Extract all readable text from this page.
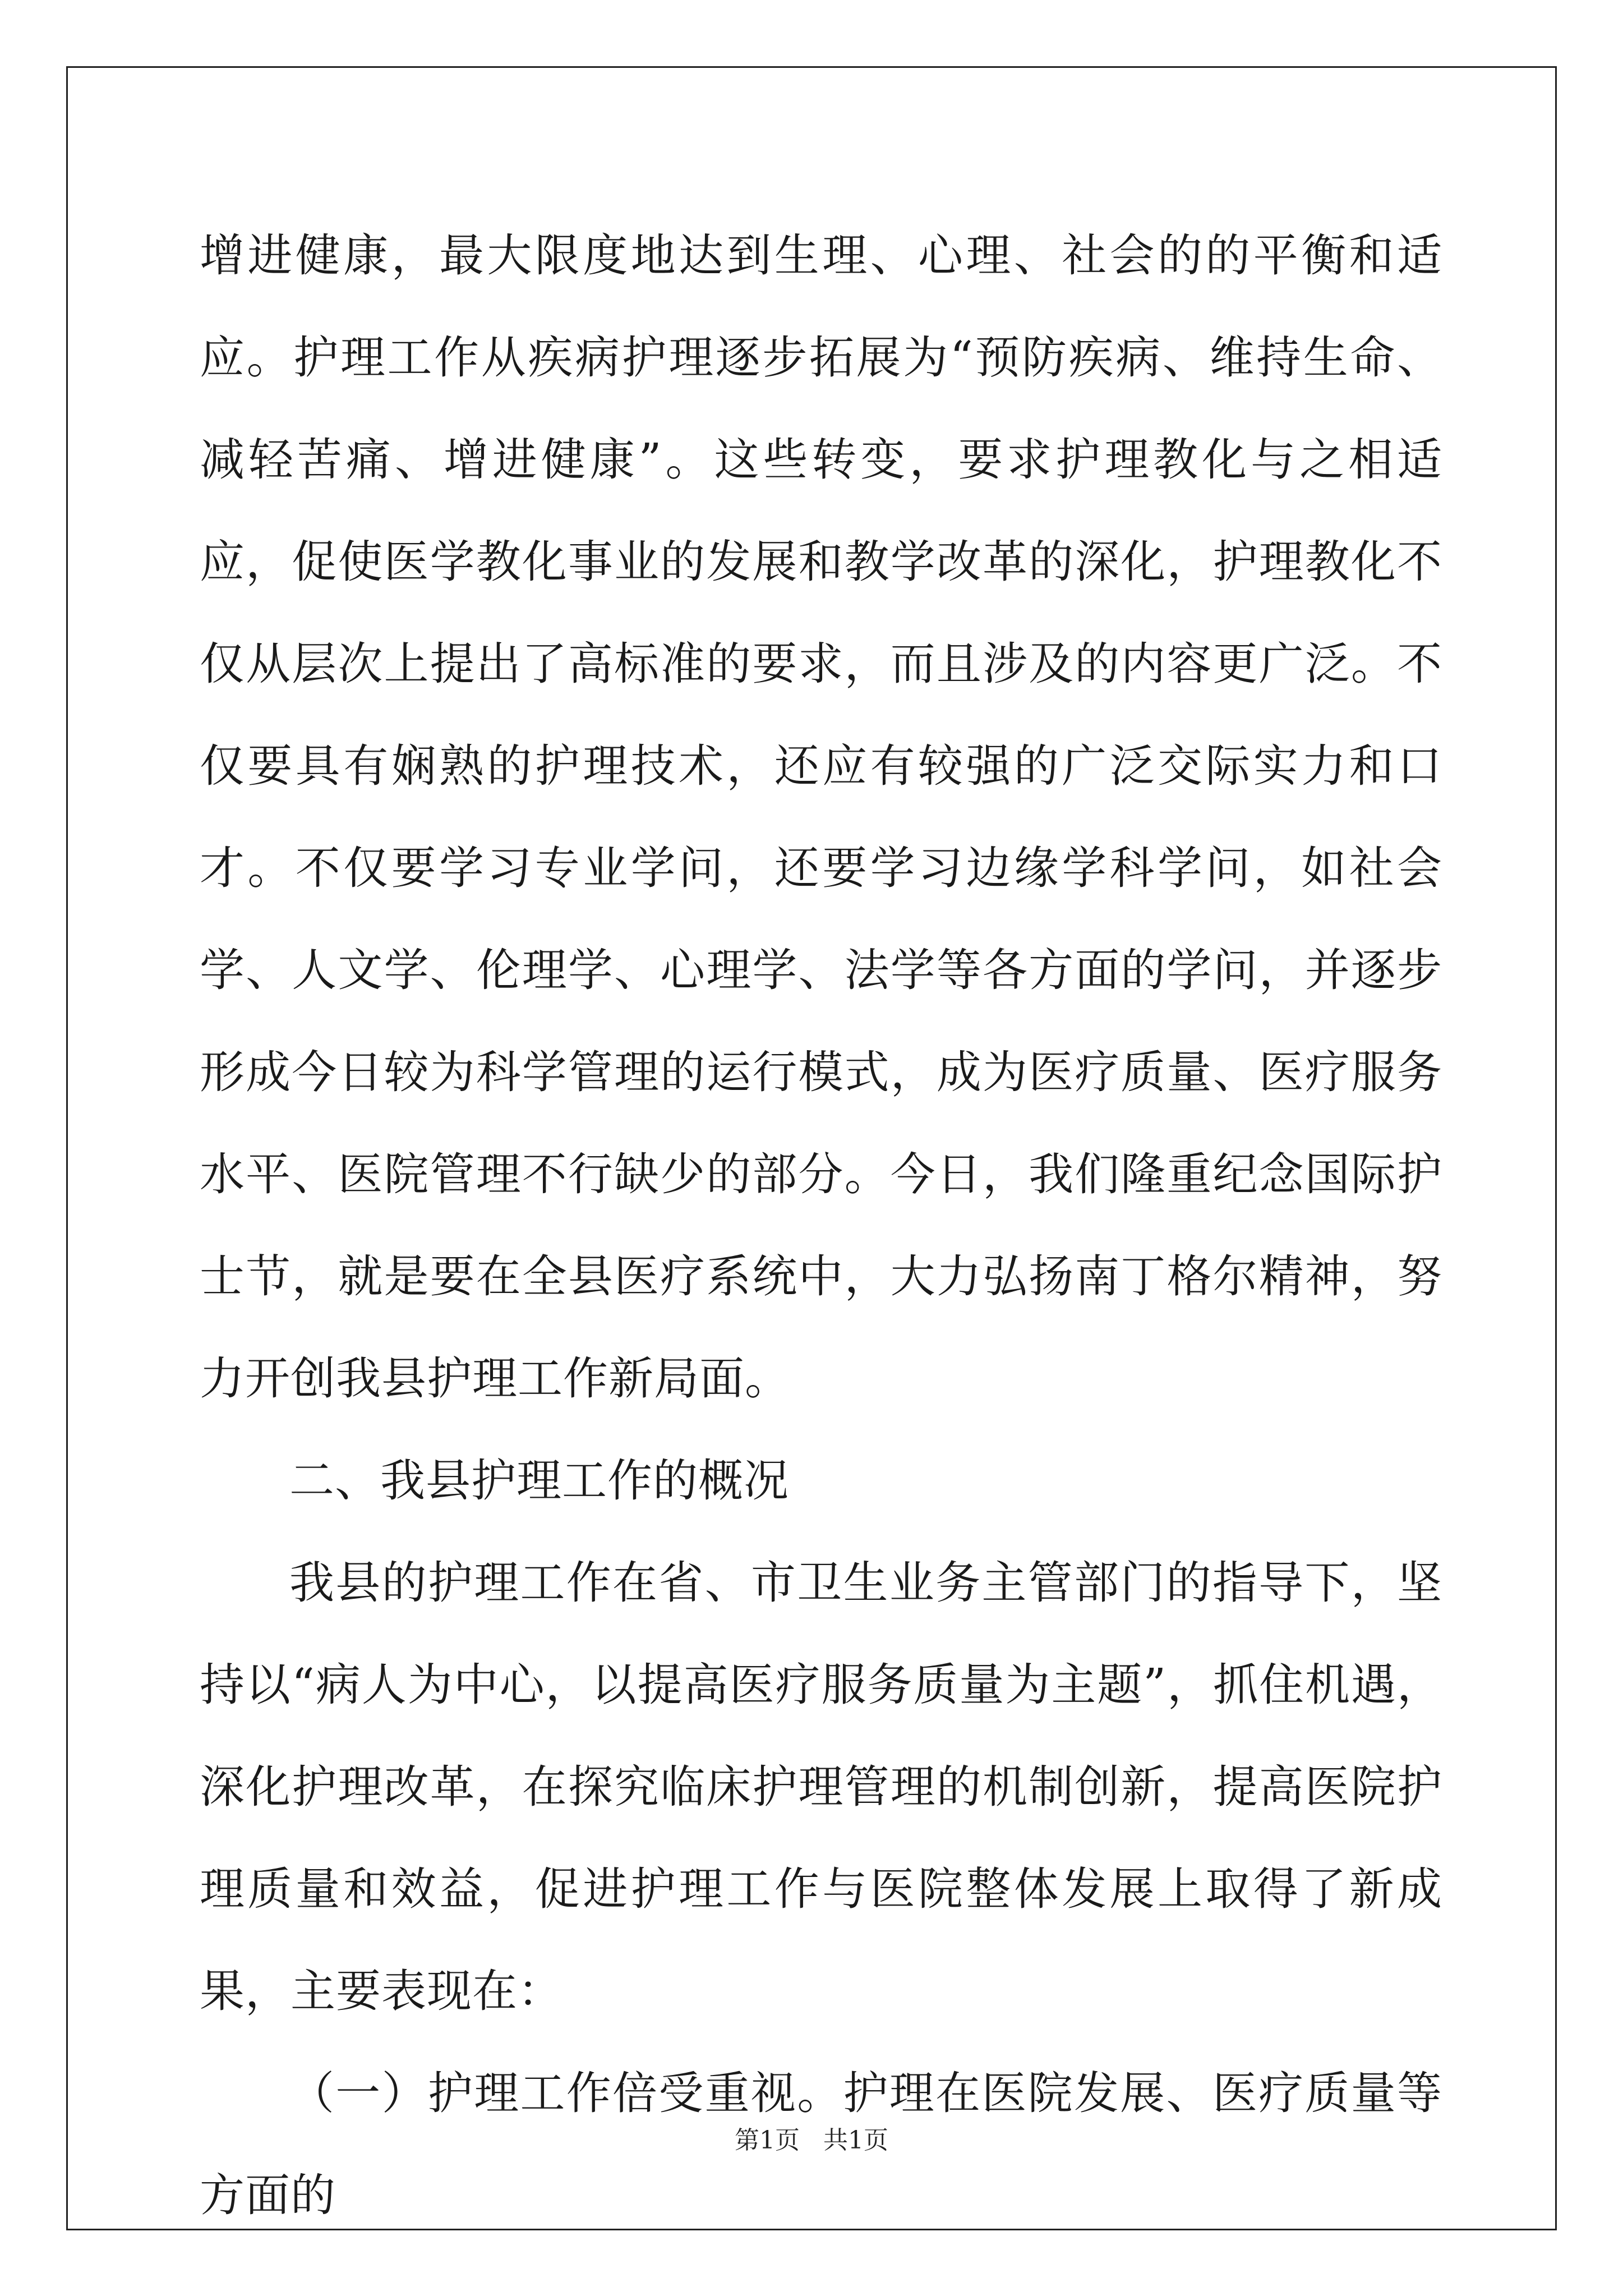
增进健康，最大限度地达到生理、心理、社会的的平衡和适应。护理工作从疾病护理逐步拓展为“预防疾病、维持生命、减轻苦痛、增进健康”。这些转变，要求护理教化与之相适应，促使医学教化事业的发展和教学改革的深化，护理教化不仅从层次上提出了高标准的要求，而且涉及的内容更广泛。不仅要具有娴熟的护理技术，还应有较强的广泛交际实力和口才。不仅要学习专业学问，还要学习边缘学科学问，如社会学、人文学、伦理学、心理学、法学等各方面的学问，并逐步形成今日较为科学管理的运行模式，成为医疗质量、医疗服务水平、医院管理不行缺少的部分。今日，我们隆重纪念国际护士节，就是要在全县医疗系统中，大力弘扬南丁格尔精神，努力开创我县护理工作新局面。

二、我县护理工作的概况

我县的护理工作在省、市卫生业务主管部门的指导下，坚持以“病人为中心，以提高医疗服务质量为主题”，抓住机遇，深化护理改革，在探究临床护理管理的机制创新，提高医院护理质量和效益，促进护理工作与医院整体发展上取得了新成果，主要表现在：

（一）护理工作倍受重视。护理在医院发展、医疗质量等方面的

第1页   共1页
